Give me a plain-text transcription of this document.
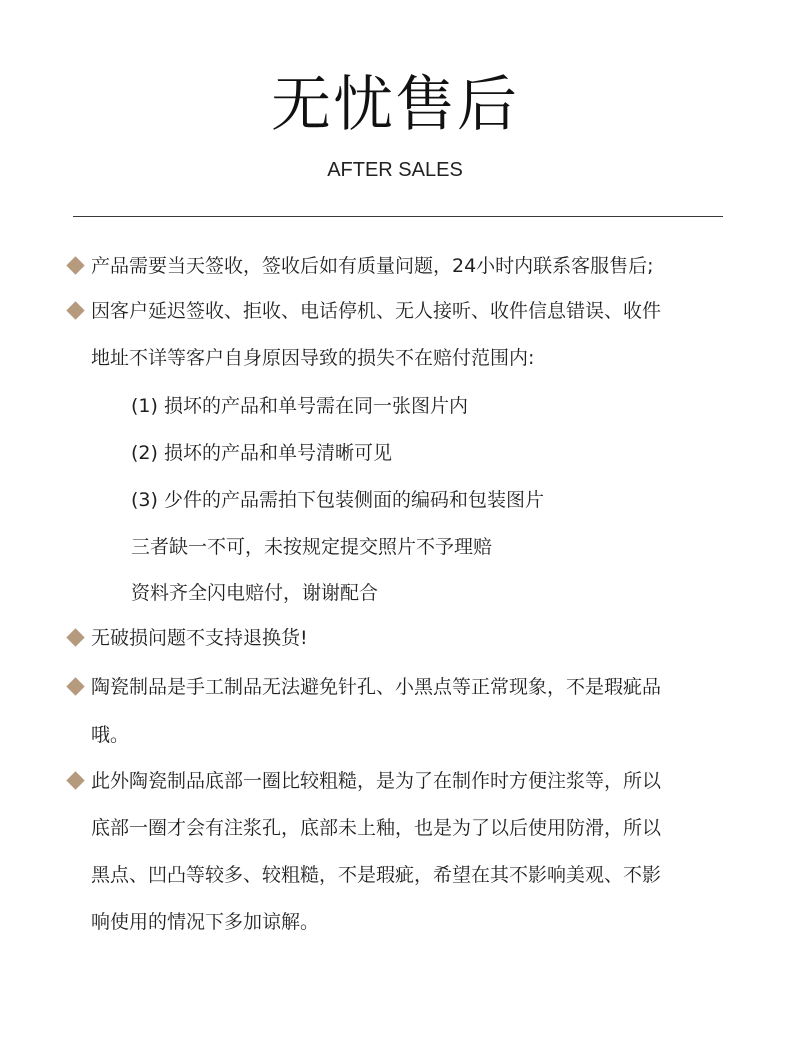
无忧售后
AFTER SALES
产品需要当天签收，签收后如有质量问题，24小时内联系客服售后;
因客户延迟签收、拒收、电话停机、无人接听、收件信息错误、收件
地址不详等客户自身原因导致的损失不在赔付范围内:
(1) 损坏的产品和单号需在同一张图片内
(2) 损坏的产品和单号清晰可见
(3) 少件的产品需拍下包装侧面的编码和包装图片
三者缺一不可，未按规定提交照片不予理赔
资料齐全闪电赔付，谢谢配合
无破损问题不支持退换货!
陶瓷制品是手工制品无法避免针孔、小黑点等正常现象，不是瑕疵品
哦。
此外陶瓷制品底部一圈比较粗糙，是为了在制作时方便注浆等，所以
底部一圈才会有注浆孔，底部未上釉，也是为了以后使用防滑，所以
黑点、凹凸等较多、较粗糙，不是瑕疵，希望在其不影响美观、不影
响使用的情况下多加谅解。
